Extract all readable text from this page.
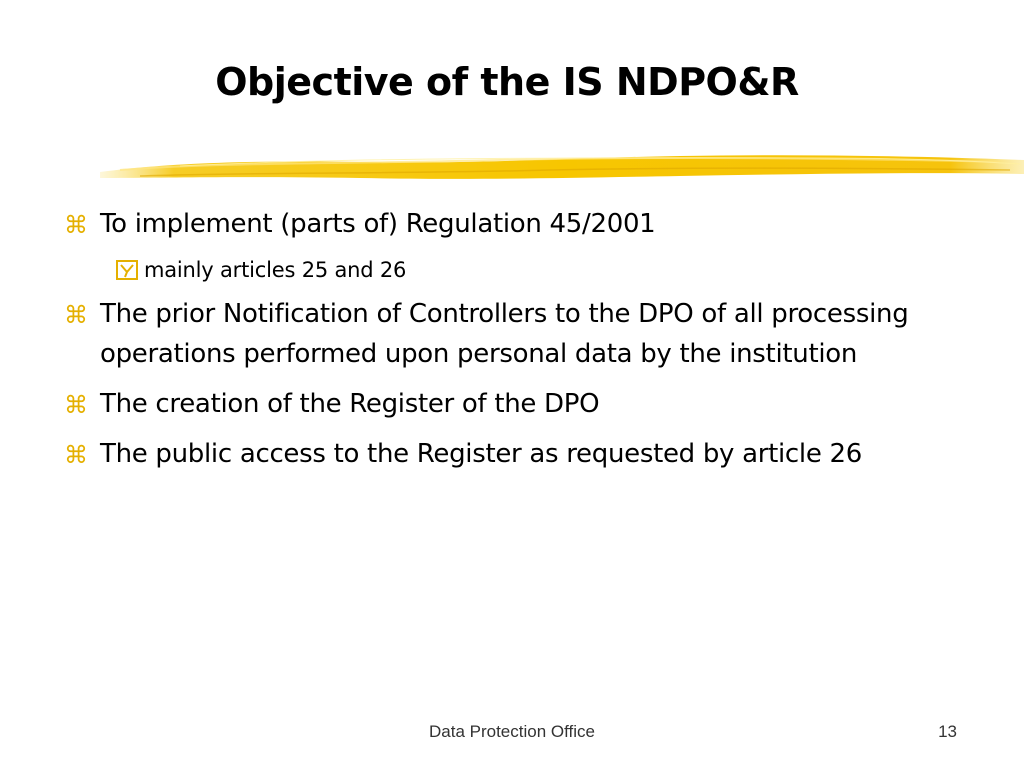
Objective of the IS NDPO&R
⌘ To implement (parts of) Regulation 45/2001
mainly articles 25 and 26
⌘ The prior Notification of Controllers to the DPO of all processing operations performed upon personal data by the institution
⌘ The creation of the Register of the DPO
⌘ The public access to the Register as requested by article 26
Data Protection Office	13
